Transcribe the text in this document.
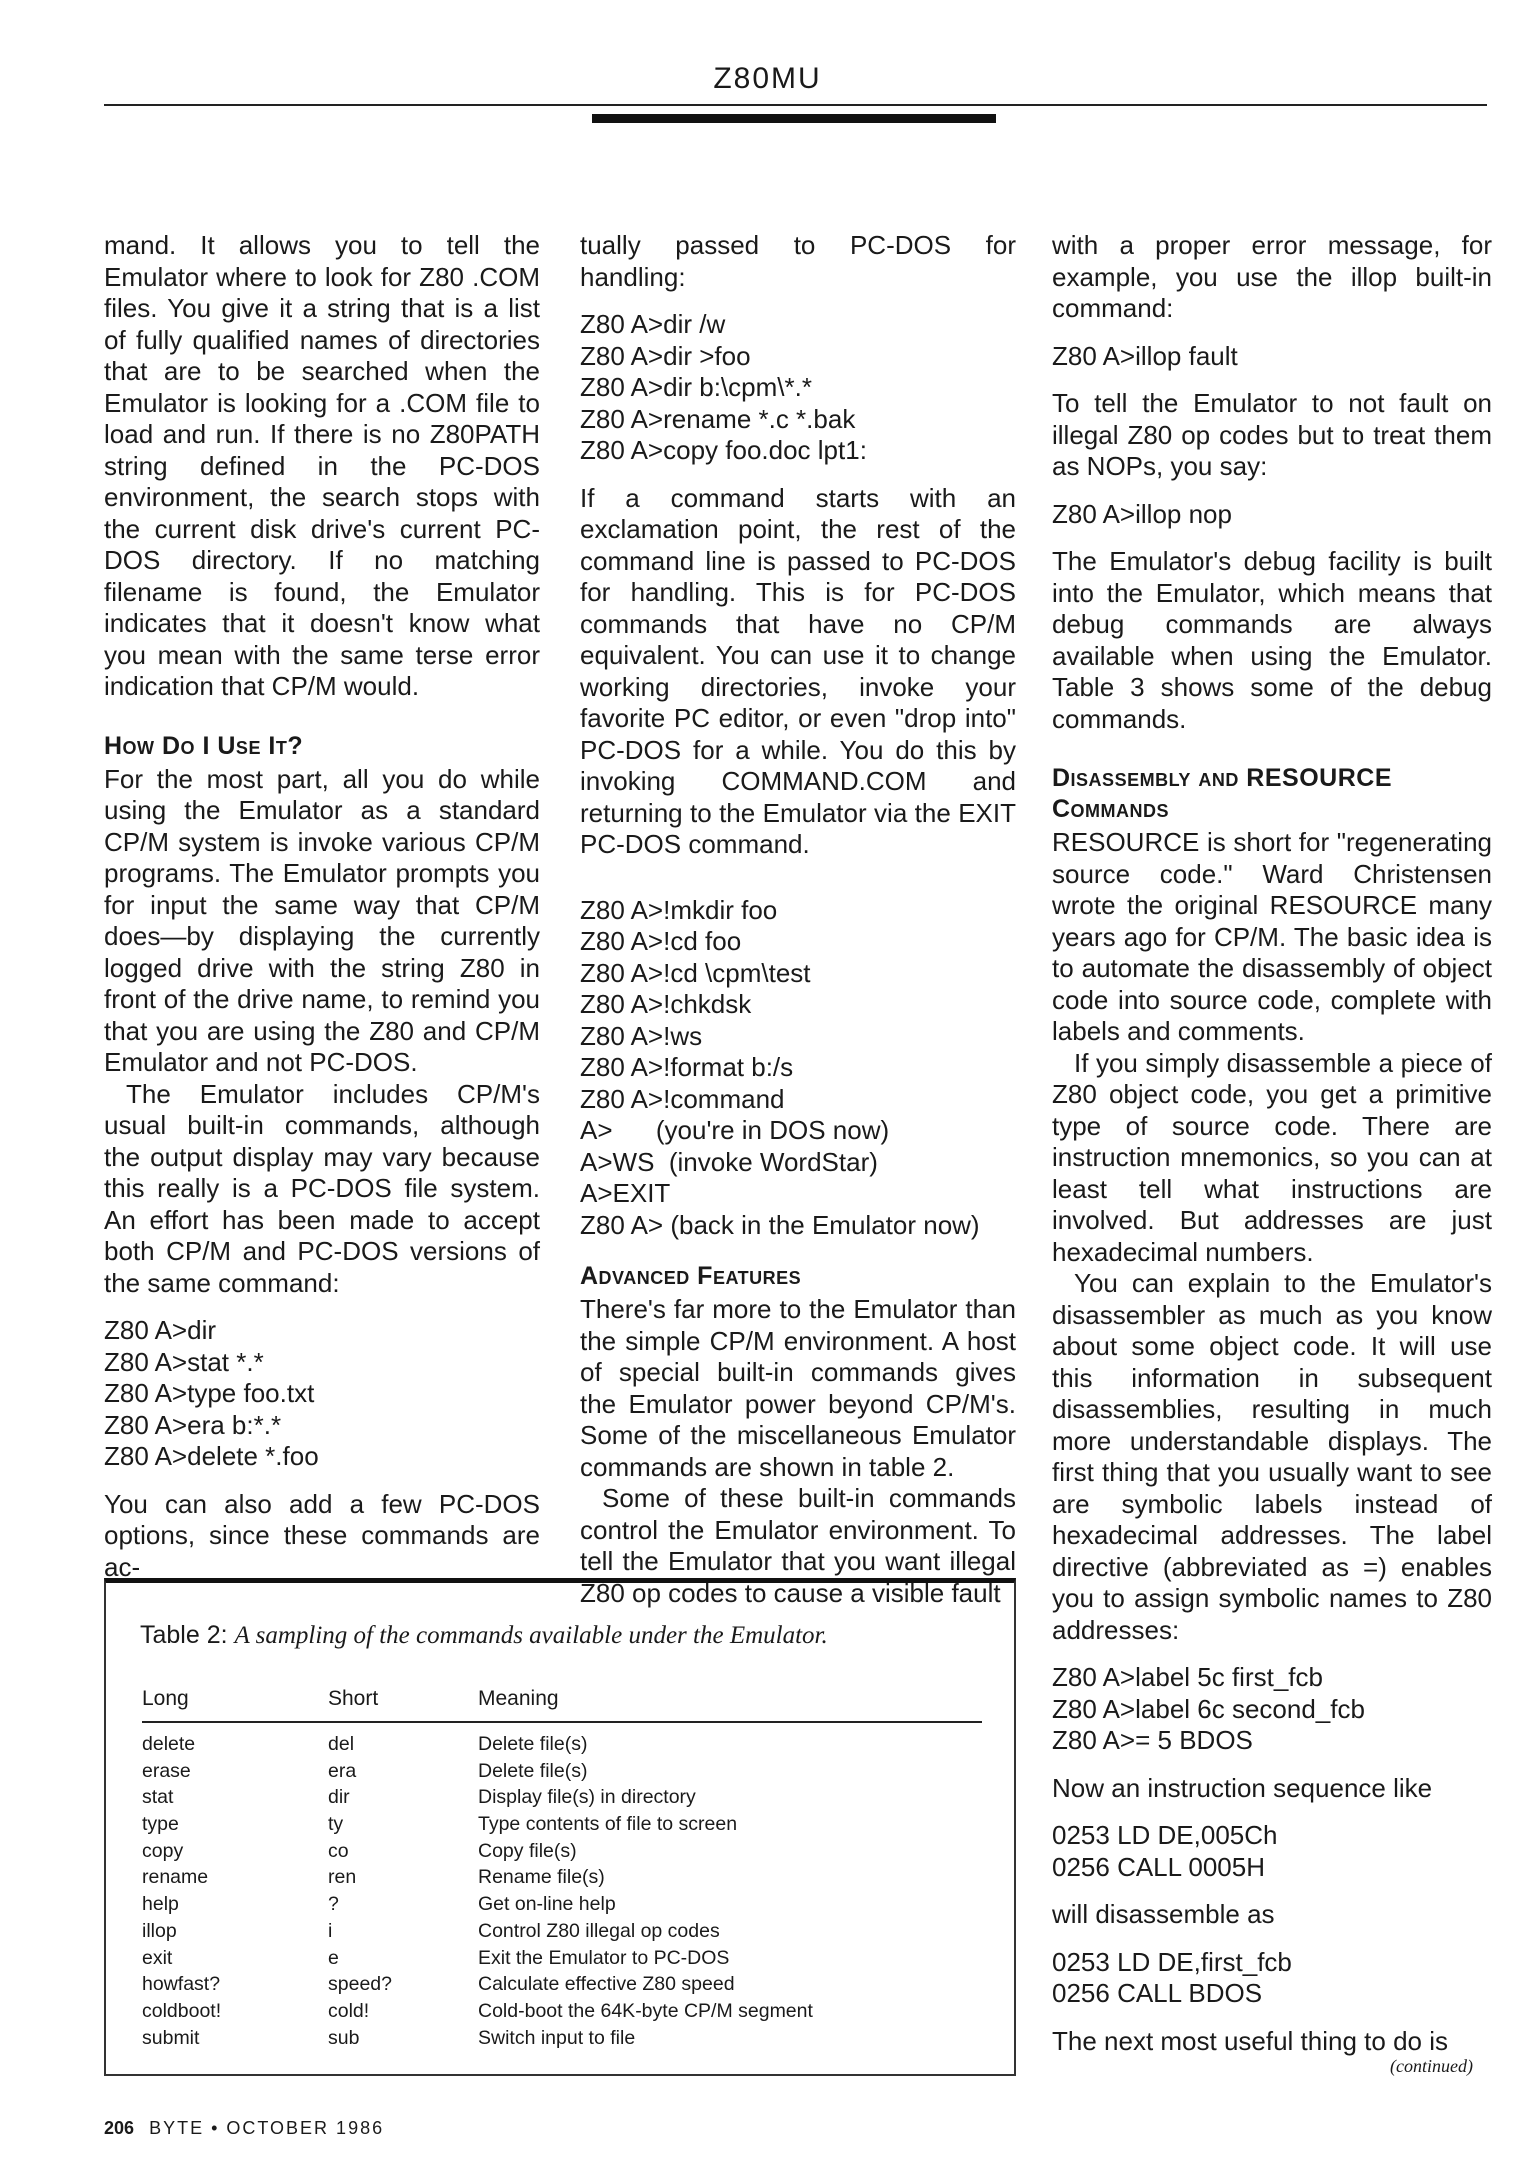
Z80MU

mand. It allows you to tell the Emulator where to look for Z80 .COM files. You give it a string that is a list of fully qualified names of directories that are to be searched when the Emulator is looking for a .COM file to load and run. If there is no Z80PATH string defined in the PC-DOS environment, the search stops with the current disk drive's current PC-DOS directory. If no matching filename is found, the Emulator indicates that it doesn't know what you mean with the same terse error indication that CP/M would.

How Do I Use It?

For the most part, all you do while using the Emulator as a standard CP/M system is invoke various CP/M programs. The Emulator prompts you for input the same way that CP/M does—by displaying the currently logged drive with the string Z80 in front of the drive name, to remind you that you are using the Z80 and CP/M Emulator and not PC-DOS.

The Emulator includes CP/M's usual built-in commands, although the output display may vary because this really is a PC-DOS file system. An effort has been made to accept both CP/M and PC-DOS versions of the same command:

Z80 A>dir
Z80 A>stat *.*
Z80 A>type foo.txt
Z80 A>era b:*.*
Z80 A>delete *.foo

You can also add a few PC-DOS options, since these commands are ac-

tually passed to PC-DOS for handling:

Z80 A>dir /w
Z80 A>dir >foo
Z80 A>dir b:\cpm\*.*
Z80 A>rename *.c *.bak
Z80 A>copy foo.doc lpt1:

If a command starts with an exclamation point, the rest of the command line is passed to PC-DOS for handling. This is for PC-DOS commands that have no CP/M equivalent. You can use it to change working directories, invoke your favorite PC editor, or even "drop into" PC-DOS for a while. You do this by invoking COMMAND.COM and returning to the Emulator via the EXIT PC-DOS command.

Z80 A>!mkdir foo
Z80 A>!cd foo
Z80 A>!cd \cpm\test
Z80 A>!chkdsk
Z80 A>!ws
Z80 A>!format b:/s
Z80 A>!command
A>      (you're in DOS now)
A>WS  (invoke WordStar)
A>EXIT
Z80 A> (back in the Emulator now)
Advanced Features

There's far more to the Emulator than the simple CP/M environment. A host of special built-in commands gives the Emulator power beyond CP/M's. Some of the miscellaneous Emulator commands are shown in table 2.

Some of these built-in commands control the Emulator environment. To tell the Emulator that you want illegal Z80 op codes to cause a visible fault

with a proper error message, for example, you use the illop built-in command:

Z80 A>illop fault

To tell the Emulator to not fault on illegal Z80 op codes but to treat them as NOPs, you say:

Z80 A>illop nop

The Emulator's debug facility is built into the Emulator, which means that debug commands are always available when using the Emulator. Table 3 shows some of the debug commands.

Disassembly and RESOURCE Commands

RESOURCE is short for "regenerating source code." Ward Christensen wrote the original RESOURCE many years ago for CP/M. The basic idea is to automate the disassembly of object code into source code, complete with labels and comments.

If you simply disassemble a piece of Z80 object code, you get a primitive type of source code. There are instruction mnemonics, so you can at least tell what instructions are involved. But addresses are just hexadecimal numbers.

You can explain to the Emulator's disassembler as much as you know about some object code. It will use this information in subsequent disassemblies, resulting in much more understandable displays. The first thing that you usually want to see are symbolic labels instead of hexadecimal addresses. The label directive (abbreviated as =) enables you to assign symbolic names to Z80 addresses:

Z80 A>label 5c first_fcb
Z80 A>label 6c second_fcb
Z80 A>= 5 BDOS

Now an instruction sequence like

0253 LD DE,005Ch
0256 CALL 0005H

will disassemble as

0253 LD DE,first_fcb
0256 CALL BDOS

The next most useful thing to do is

(continued)
Table 2: A sampling of the commands available under the Emulator.
Long	Short	Meaning
delete	del	Delete file(s)
erase	era	Delete file(s)
stat	dir	Display file(s) in directory
type	ty	Type contents of file to screen
copy	co	Copy file(s)
rename	ren	Rename file(s)
help	?	Get on-line help
illop	i	Control Z80 illegal op codes
exit	e	Exit the Emulator to PC-DOS
howfast?	speed?	Calculate effective Z80 speed
coldboot!	cold!	Cold-boot the 64K-byte CP/M segment
submit	sub	Switch input to file
206 BYTE • OCTOBER 1986
